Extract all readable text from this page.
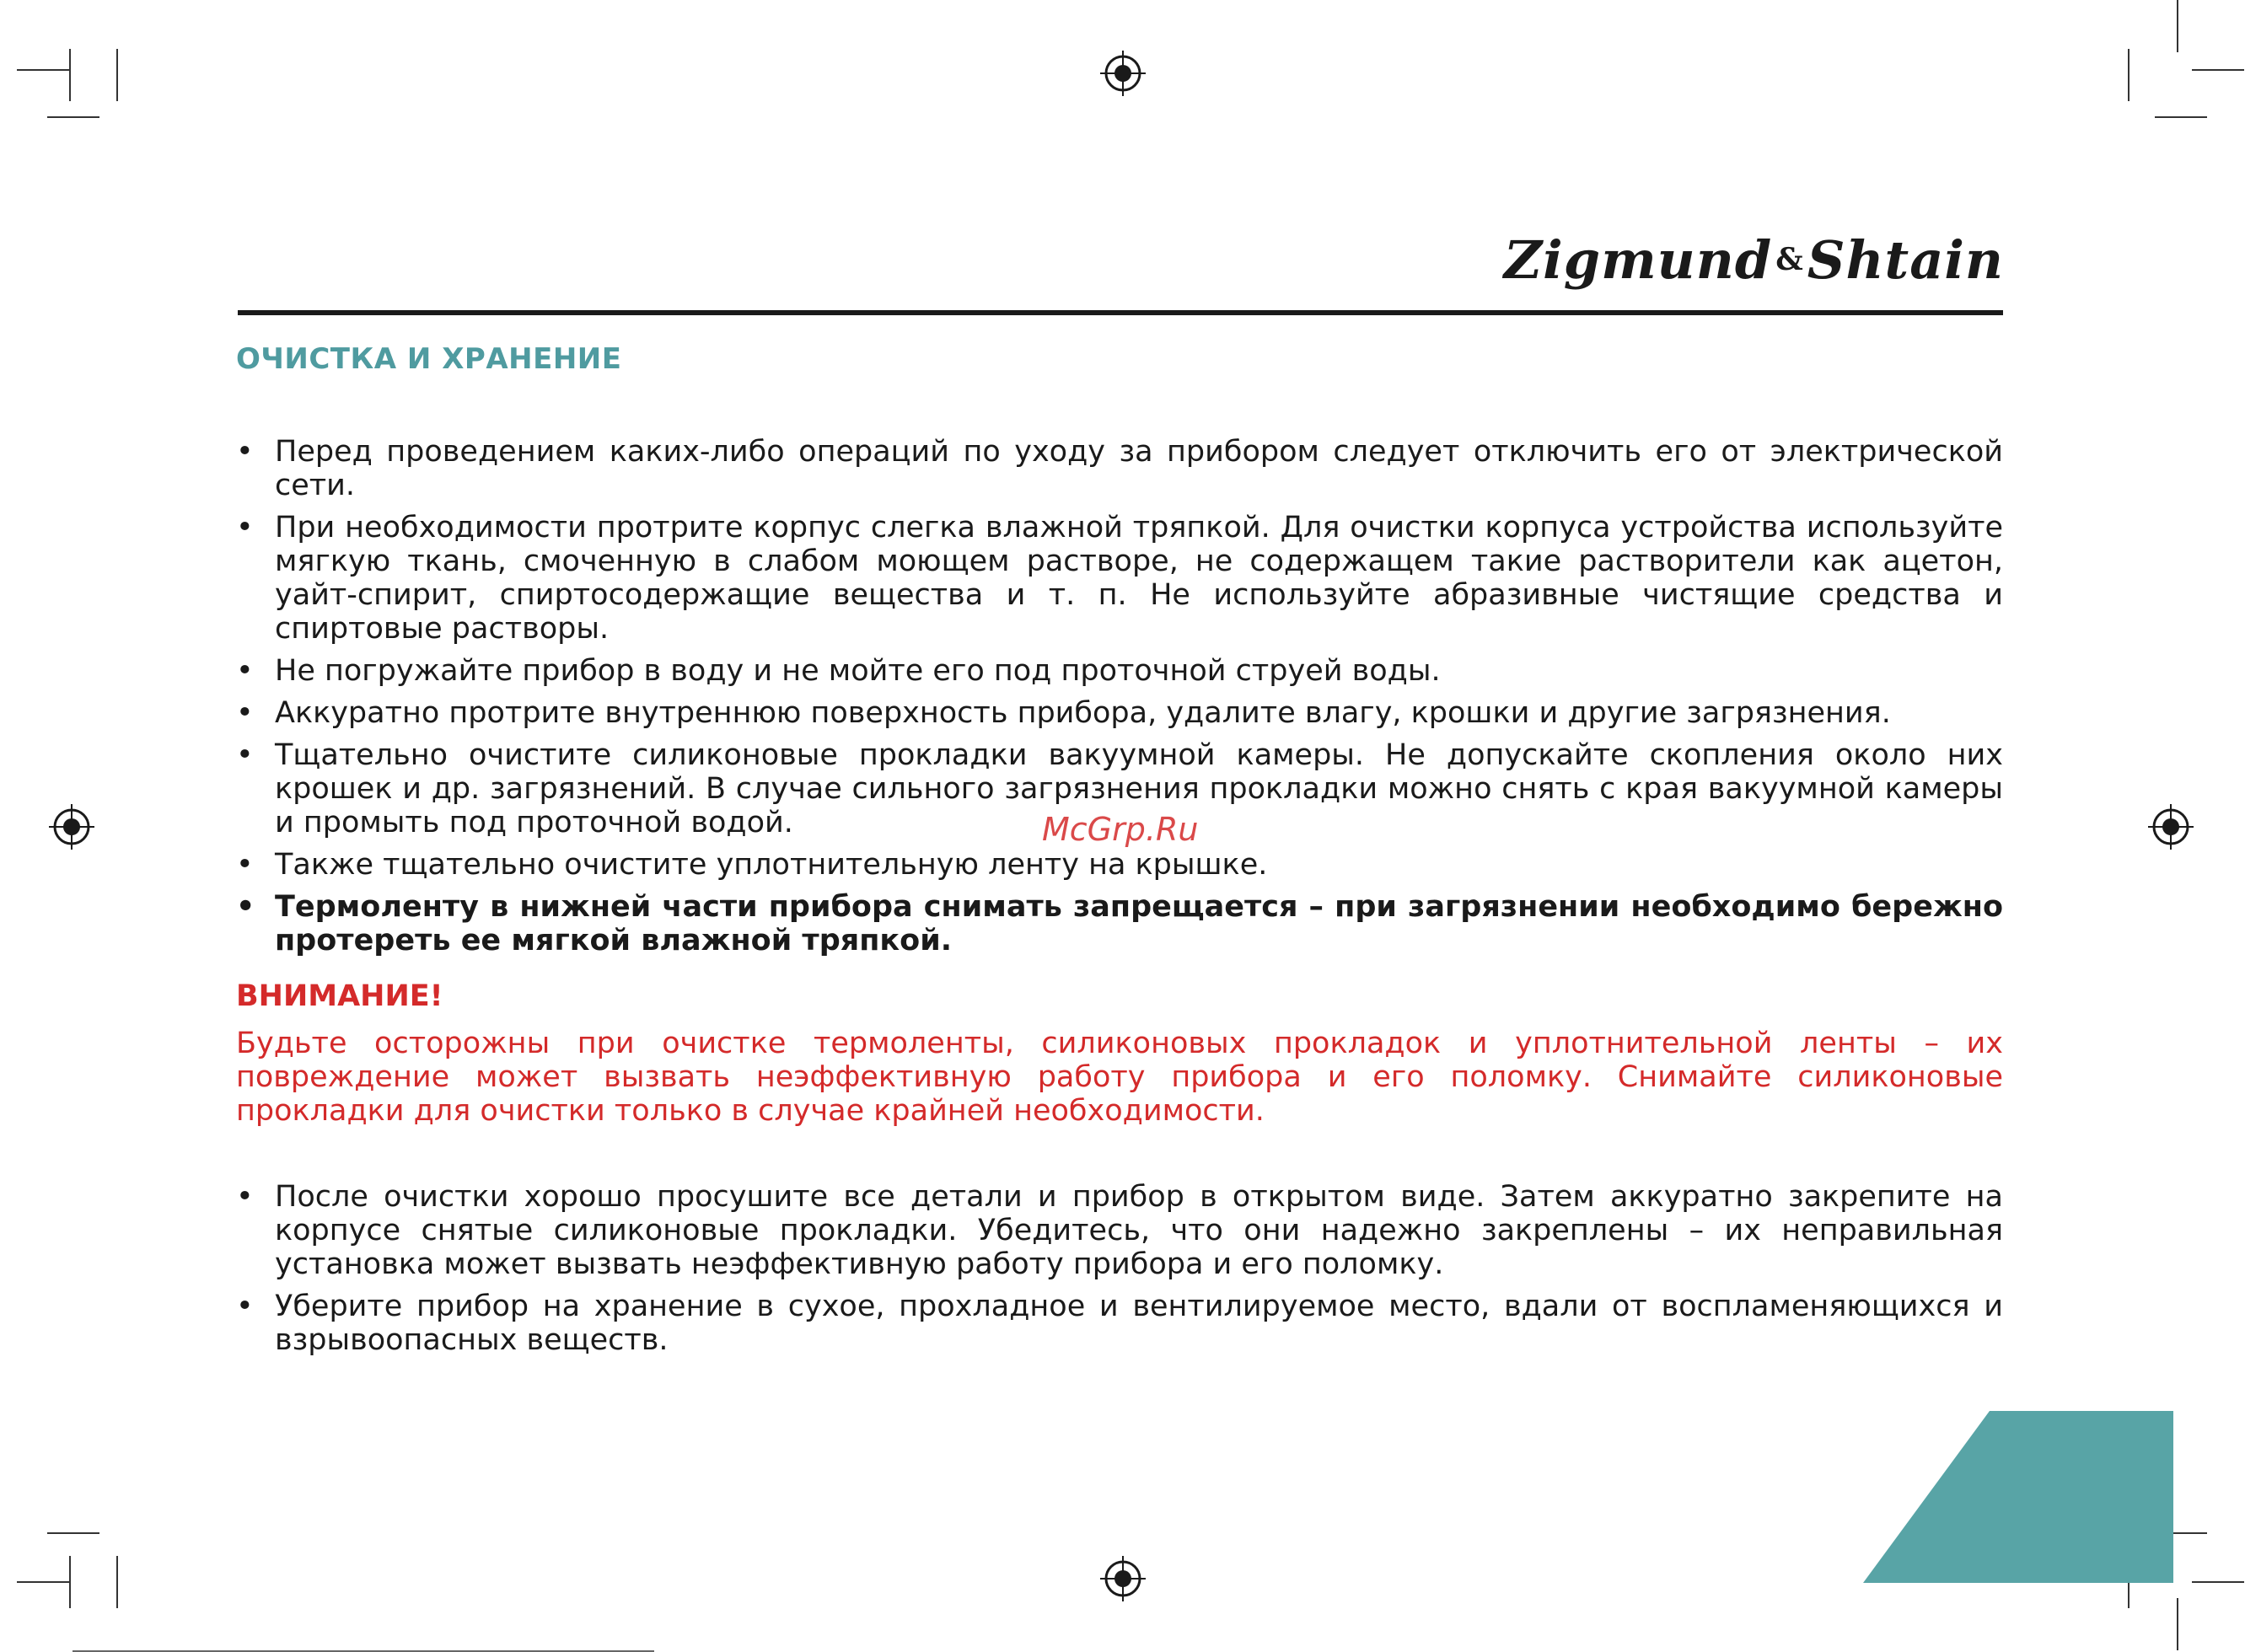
Zigmund &Shtain
ОЧИСТКА И ХРАНЕНИЕ
• Перед проведением каких-либо операций по уходу за прибором следует отключить его от электрической сети.
• При необходимости протрите корпус слегка влажной тряпкой. Для очистки корпуса устройства используйте мягкую ткань, смоченную в слабом моющем растворе, не содержащем такие растворители как ацетон, уайт-спирит, спиртосодержащие вещества и т. п. Не используйте абразивные чистящие средства и спиртовые растворы.
• Не погружайте прибор в воду и не мойте его под проточной струей воды.
• Аккуратно протрите внутреннюю поверхность прибора, удалите влагу, крошки и другие загрязнения.
• Тщательно очистите силиконовые прокладки вакуумной камеры. Не допускайте скопления около них крошек и др. загрязнений. В случае сильного загрязнения прокладки можно снять с края вакуумной камеры и промыть под проточной водой.
• Также тщательно очистите уплотнительную ленту на крышке.
• Термоленту в нижней части прибора снимать запрещается – при загрязнении необходимо бережно протереть ее мягкой влажной тряпкой.
McGrp.Ru
ВНИМАНИЕ!
Будьте осторожны при очистке термоленты, силиконовых прокладок и уплотнительной ленты – их повреждение может вызвать неэффективную работу прибора и его поломку. Снимайте силиконовые прокладки для очистки только в случае крайней необходимости.
• После очистки хорошо просушите все детали и прибор в открытом виде. Затем аккуратно закрепите на корпусе снятые силиконовые прокладки. Убедитесь, что они надежно закреплены – их неправильная установка может вызвать неэффективную работу прибора и его поломку.
• Уберите прибор на хранение в сухое, прохладное и вентилируемое место, вдали от воспламеняющихся и взрывоопасных веществ.
